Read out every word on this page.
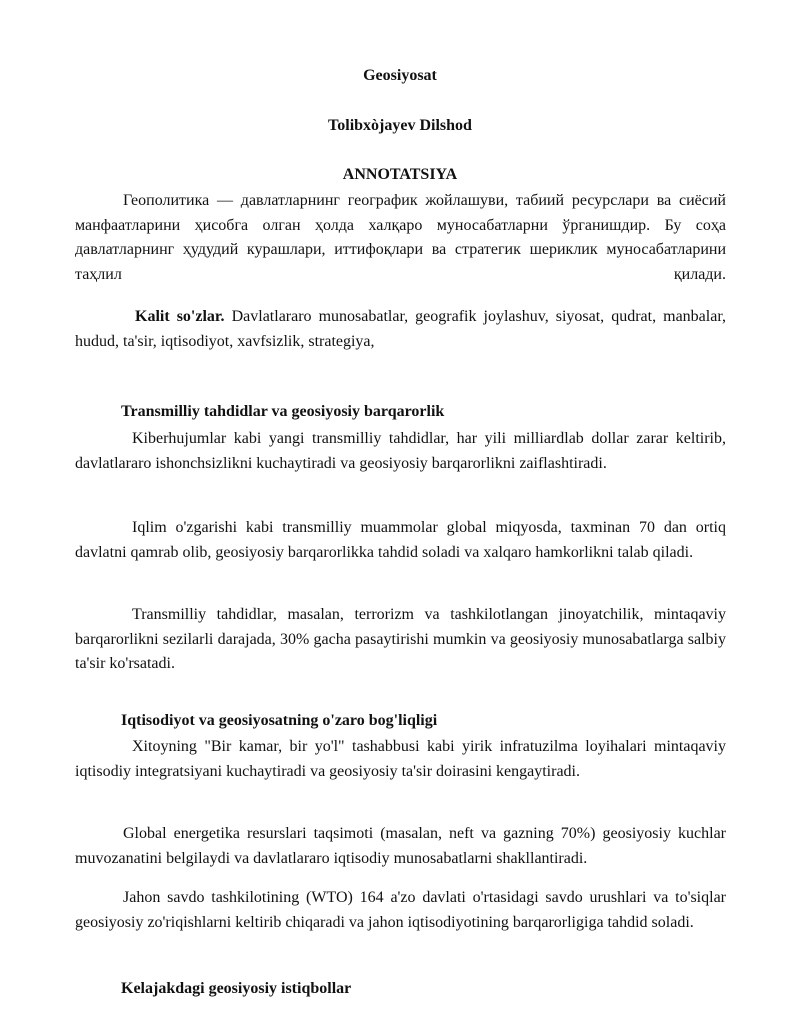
Geosiyosat
Tolibxòjayev Dilshod
ANNOTATSIYA
Геополитика — давлатларнинг географик жойлашуви, табиий ресурслари ва сиёсий манфаатларини ҳисобга олган ҳолда халқаро муносабатларни ўрганишдир. Бу соҳа давлатларнинг ҳудудий курашлари, иттифоқлари ва стратегик шериклик муносабатларини таҳлил қилади.
Kalit so'zlar. Davlatlararo munosabatlar, geografik joylashuv, siyosat, qudrat, manbalar, hudud, ta'sir, iqtisodiyot, xavfsizlik, strategiya,
Transmilliy tahdidlar va geosiyosiy barqarorlik
Kiberhujumlar kabi yangi transmilliy tahdidlar, har yili milliardlab dollar zarar keltirib, davlatlararo ishonchsizlikni kuchaytiradi va geosiyosiy barqarorlikni zaiflashtiradi.
Iqlim o'zgarishi kabi transmilliy muammolar global miqyosda, taxminan 70 dan ortiq davlatni qamrab olib, geosiyosiy barqarorlikka tahdid soladi va xalqaro hamkorlikni talab qiladi.
Transmilliy tahdidlar, masalan, terrorizm va tashkilotlangan jinoyatchilik, mintaqaviy barqarorlikni sezilarli darajada, 30% gacha pasaytirishi mumkin va geosiyosiy munosabatlarga salbiy ta'sir ko'rsatadi.
Iqtisodiyot va geosiyosatning o'zaro bog'liqligi
Xitoyning "Bir kamar, bir yo'l" tashabbusi kabi yirik infratuzilma loyihalari mintaqaviy iqtisodiy integratsiyani kuchaytiradi va geosiyosiy ta'sir doirasini kengaytiradi.
Global energetika resurslari taqsimoti (masalan, neft va gazning 70%) geosiyosiy kuchlar muvozanatini belgilaydi va davlatlararo iqtisodiy munosabatlarni shakllantiradi.
Jahon savdo tashkilotining (WTO) 164 a'zo davlati o'rtasidagi savdo urushlari va to'siqlar geosiyosiy zo'riqishlarni keltirib chiqaradi va jahon iqtisodiyotining barqarorligiga tahdid soladi.
Kelajakdagi geosiyosiy istiqbollar
